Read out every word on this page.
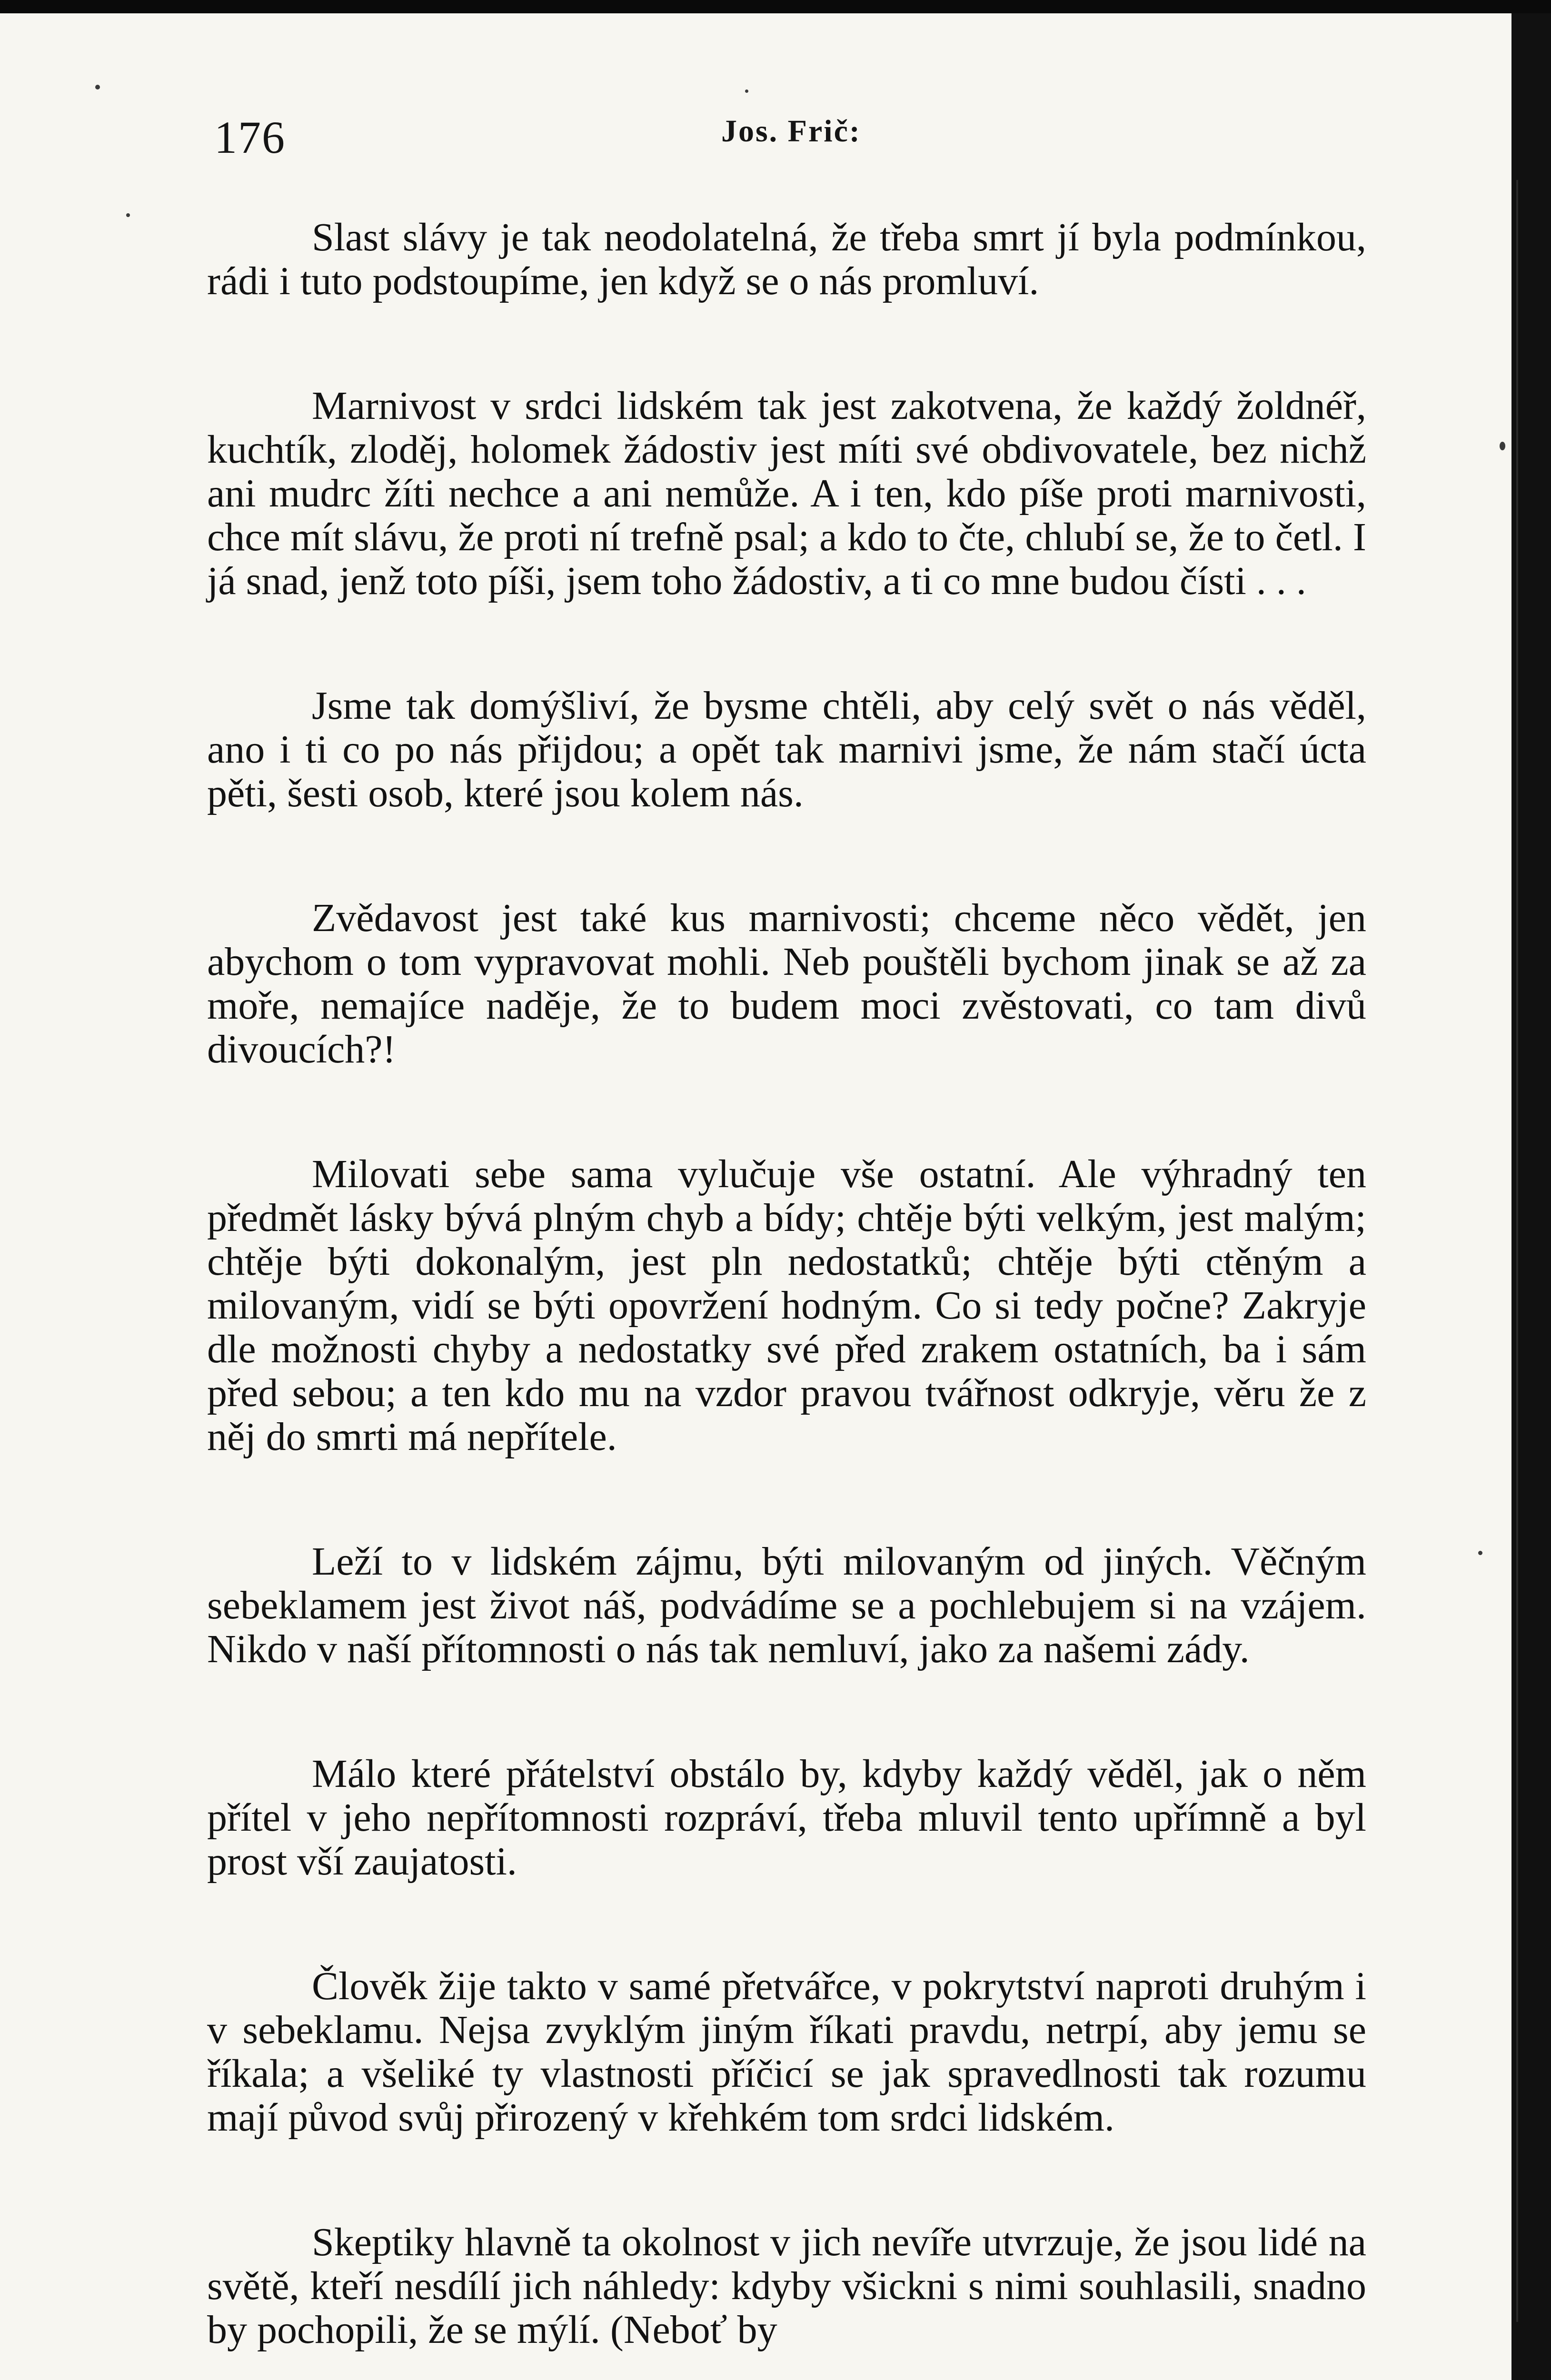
176	Jos. Frič:

Slast slávy je tak neodolatelná, že třeba smrt jí byla podmínkou, rádi i tuto podstoupíme, jen když se o nás promluví.

Marnivost v srdci lidském tak jest zakotvena, že každý žoldnéř, kuchtík, zloděj, holomek žádostiv jest míti své obdivovatele, bez nichž ani mudrc žíti nechce a ani nemůže. A i ten, kdo píše proti marnivosti, chce mít slávu, že proti ní trefně psal; a kdo to čte, chlubí se, že to četl. I já snad, jenž toto píši, jsem toho žádostiv, a ti co mne budou čísti . . .

Jsme tak domýšliví, že bysme chtěli, aby celý svět o nás věděl, ano i ti co po nás přijdou; a opět tak marnivi jsme, že nám stačí úcta pěti, šesti osob, které jsou kolem nás.

Zvědavost jest také kus marnivosti; chceme něco vědět, jen abychom o tom vypravovat mohli. Neb pouštěli bychom jinak se až za moře, nemajíce naděje, že to budem moci zvěstovati, co tam divů divoucích?!

Milovati sebe sama vylučuje vše ostatní. Ale výhradný ten předmět lásky bývá plným chyb a bídy; chtěje býti velkým, jest malým; chtěje býti dokonalým, jest pln nedostatků; chtěje býti ctěným a milovaným, vidí se býti opovržení hodným. Co si tedy počne? Zakryje dle možnosti chyby a nedostatky své před zrakem ostatních, ba i sám před sebou; a ten kdo mu na vzdor pravou tvářnost odkryje, věru že z něj do smrti má nepřítele.

Leží to v lidském zájmu, býti milovaným od jiných. Věčným sebeklamem jest život náš, podvádíme se a pochlebujem si na vzájem. Nikdo v naší přítomnosti o nás tak nemluví, jako za našemi zády.

Málo které přátelství obstálo by, kdyby každý věděl, jak o něm přítel v jeho nepřítomnosti rozpráví, třeba mluvil tento upřímně a byl prost vší zaujatosti.

Člověk žije takto v samé přetvářce, v pokrytství naproti druhým i v sebeklamu. Nejsa zvyklým jiným říkati pravdu, netrpí, aby jemu se říkala; a všeliké ty vlastnosti příčicí se jak spravedlnosti tak rozumu mají původ svůj přirozený v křehkém tom srdci lidském.

Skeptiky hlavně ta okolnost v jich nevíře utvrzuje, že jsou lidé na světě, kteří nesdílí jich náhledy: kdyby všickni s nimi souhlasili, snadno by pochopili, že se mýlí. (Neboť by
